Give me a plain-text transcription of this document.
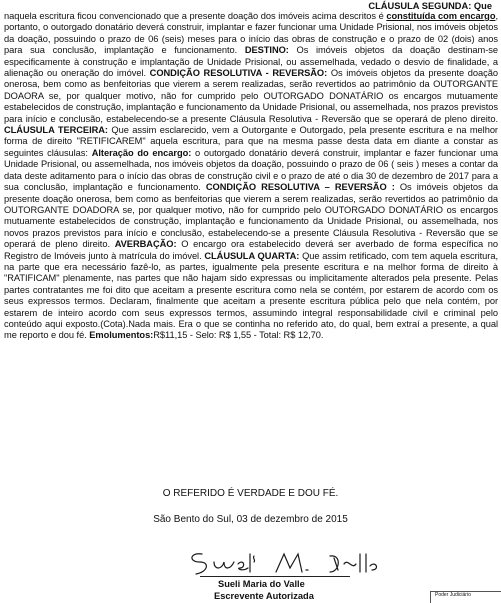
CLÁUSULA SEGUNDA: Que

naquela escritura ficou convencionado que a presente doação dos imóveis acima descritos é constituída com encargo, portanto, o outorgado donatário deverá construir, implantar e fazer funcionar uma Unidade Prisional, nos imóveis objetos da doação, possuindo o prazo de 06 (seis) meses para o início das obras de construção e o prazo de 02 (dois) anos para sua conclusão, implantação e funcionamento. DESTINO: Os imóveis objetos da doação destinam-se especificamente à construção e implantação de Unidade Prisional, ou assemelhada, vedado o desvio de finalidade, a alienação ou oneração do imóvel. CONDIÇÃO RESOLUTIVA - REVERSÃO: Os imóveis objetos da presente doação onerosa, bem como as benfeitorias que vierem a serem realizadas, serão revertidos ao patrimônio da OUTORGANTE DOAORA se, por qualquer motivo, não for cumprido pelo OUTORGADO DONATÁRIO os encargos mutuamente estabelecidos de construção, implantação e funcionamento da Unidade Prisional, ou assemelhada, nos prazos previstos para início e conclusão, estabelecendo-se a presente Cláusula Resolutiva - Reversão que se operará de pleno direito. CLÁUSULA TERCEIRA: Que assim esclarecido, vem a Outorgante e Outorgado, pela presente escritura e na melhor forma de direito "RETIFICAREM" aquela escritura, para que na mesma passe desta data em diante a constar as seguintes cláusulas: Alteração do encargo: o outorgado donatário deverá construir, implantar e fazer funcionar uma Unidade Prisional, ou assemelhada, nos imóveis objetos da doação, possuindo o prazo de 06 ( seis ) meses a contar da data deste aditamento para o início das obras de construção civil e o prazo de até o dia 30 de dezembro de 2017 para a sua conclusão, implantação e funcionamento. CONDIÇÃO RESOLUTIVA – REVERSÃO : Os imóveis objetos da presente doação onerosa, bem como as benfeitorias que vierem a serem realizadas, serão revertidos ao patrimônio da OUTORGANTE DOADORA se, por qualquer motivo, não for cumprido pelo OUTORGADO DONATÁRIO os encargos mutuamente estabelecidos de construção, implantação e funcionamento da Unidade Prisional, ou assemelhada, nos novos prazos previstos para início e conclusão, estabelecendo-se a presente Cláusula Resolutiva - Reversão que se operará de pleno direito. AVERBAÇÃO: O encargo ora estabelecido deverá ser averbado de forma específica no Registro de Imóveis junto à matrícula do imóvel. CLÁUSULA QUARTA: Que assim retificado, com tem aquela escritura, na parte que era necessário fazê-lo, as partes, igualmente pela presente escritura e na melhor forma de direito à "RATIFICAM" plenamente, nas partes que não hajam sido expressas ou implicitamente alterados pela presente. Pelas partes contratantes me foi dito que aceitam a presente escritura como nela se contém, por estarem de acordo com os seus expressos termos. Declaram, finalmente que aceitam a presente escritura pública pelo que nela contém, por estarem de inteiro acordo com seus expressos termos, assumindo integral responsabilidade civil e criminal pelo conteúdo aqui exposto.(Cota).Nada mais. Era o que se continha no referido ato, do qual, bem extraí a presente, a qual me reporto e dou fé. Emolumentos:R$11,15 - Selo: R$ 1,55 - Total: R$ 12,70.

O REFERIDO É VERDADE E DOU FÉ.
São Bento do Sul, 03 de dezembro de 2015
Sueli Maria do Valle
Escrevente Autorizada	Poder Judiciário
